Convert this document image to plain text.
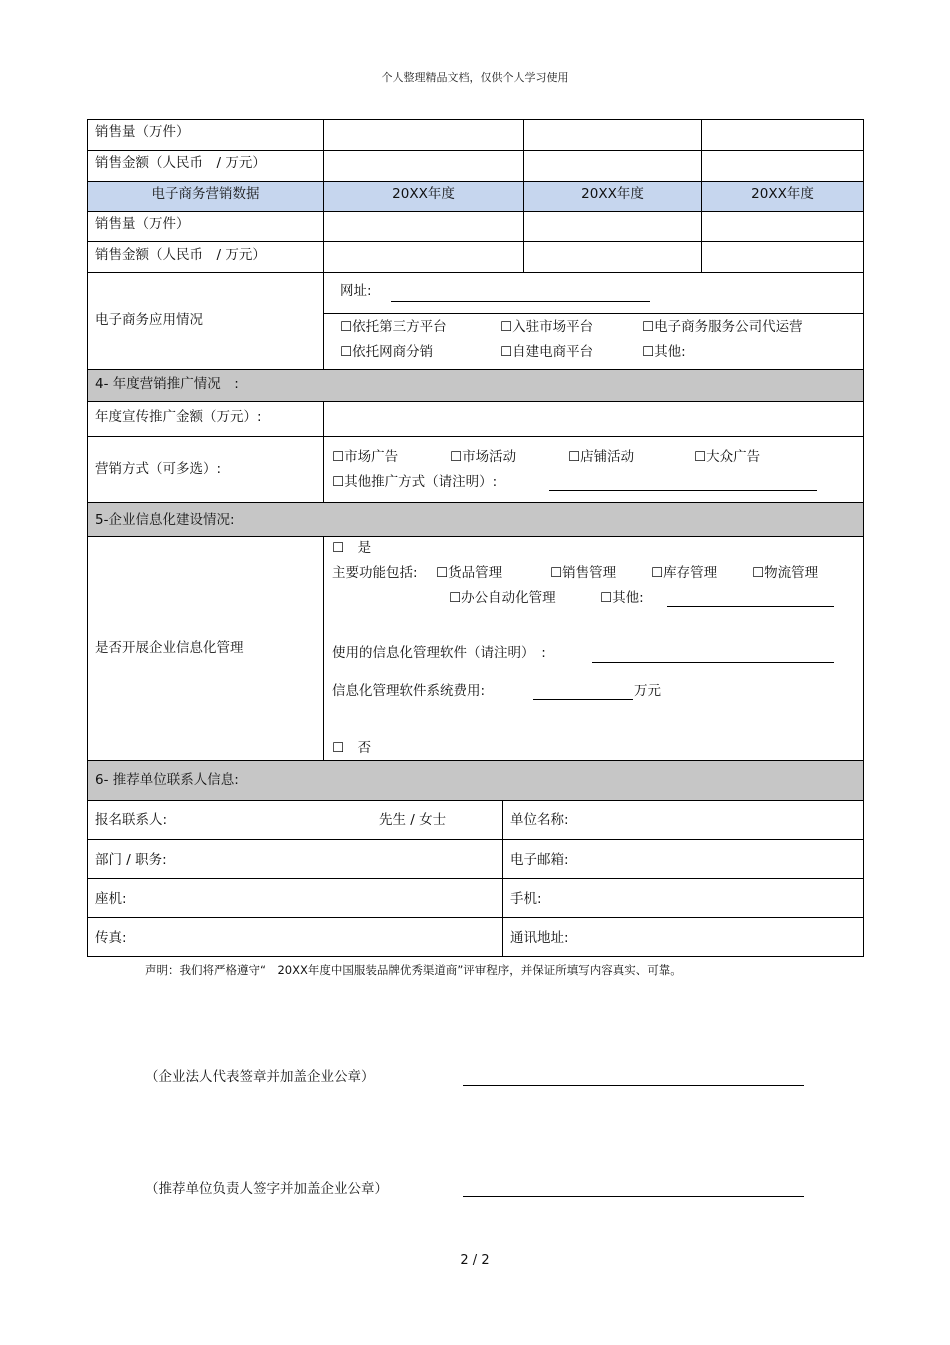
个人整理精品文档，仅供个人学习使用
销售量（万件）
销售金额（人民币　/ 万元）
电子商务营销数据	20XX年度	20XX年度	20XX年度
销售量（万件）
销售金额（人民币　/ 万元）
电子商务应用情况
网址:
☐依托第三方平台	☐入驻市场平台	☐电子商务服务公司代运营
☐依托网商分销	☐自建电商平台	☐其他:
4- 年度营销推广情况　:
年度宣传推广金额（万元）:
营销方式（可多选）:
☐市场广告	☐市场活动	☐店铺活动	☐大众广告
☐其他推广方式（请注明）:
5-企业信息化建设情况:
是否开展企业信息化管理
☐　是
主要功能包括: ☐货品管理	☐销售管理	☐库存管理	☐物流管理
☐办公自动化管理	☐其他:
使用的信息化管理软件（请注明）　:
信息化管理软件系统费用:	万元
☐　否
6- 推荐单位联系人信息:
报名联系人:	先生 / 女士	单位名称:
部门 / 职务:	电子邮箱:
座机:	手机:
传真:	通讯地址:
声明：我们将严格遵守“　20XX年度中国服装品牌优秀渠道商”评审程序，并保证所填写内容真实、可靠。
（企业法人代表签章并加盖企业公章）
（推荐单位负责人签字并加盖企业公章）
2 / 2
